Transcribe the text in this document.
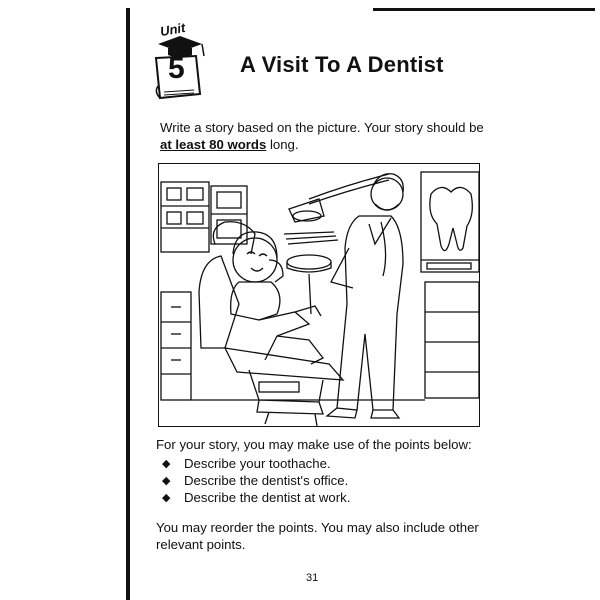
Unit
5	A Visit To A Dentist

Write a story based on the picture. Your story should be at least 80 words long.

For your story, you may make use of the points below:

◆	Describe your toothache.
◆	Describe the dentist's office.
◆	Describe the dentist at work.

You may reorder the points. You may also include other relevant points.

31
